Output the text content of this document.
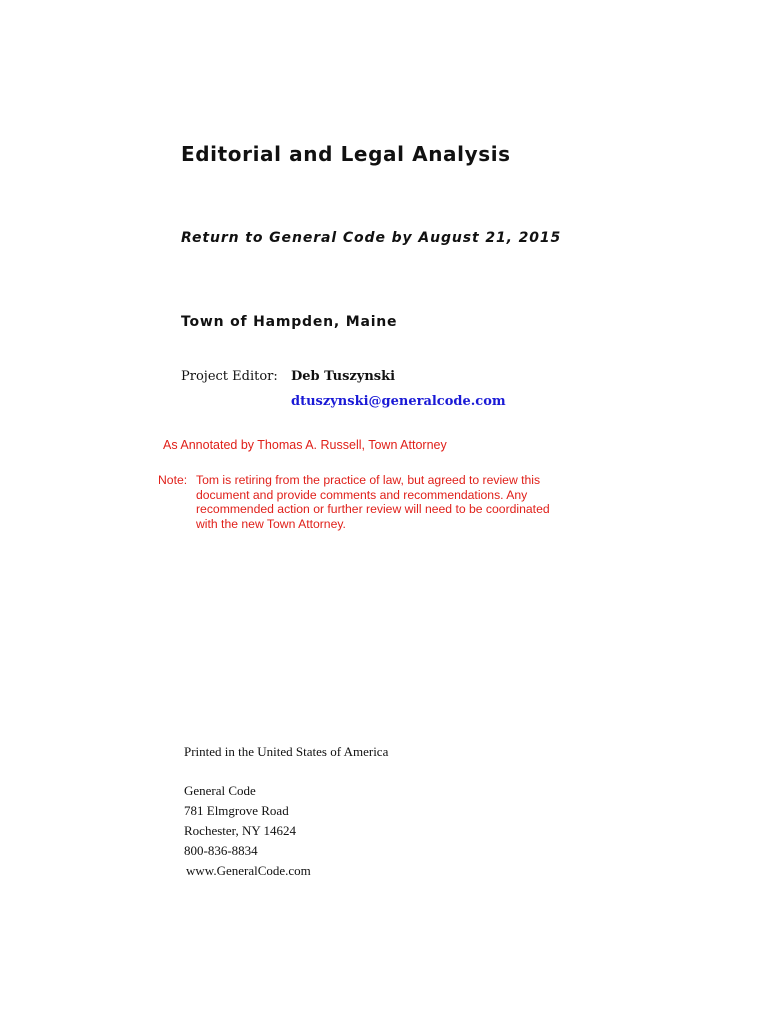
Editorial and Legal Analysis
Return to General Code by August 21, 2015
Town of Hampden, Maine
Project Editor: Deb Tuszynski
dtuszynski@generalcode.com
As Annotated by Thomas A. Russell, Town Attorney
Note: Tom is retiring from the practice of law, but agreed to review this
document and provide comments and recommendations. Any
recommended action or further review will need to be coordinated
with the new Town Attorney.
Printed in the United States of America
General Code
781 Elmgrove Road
Rochester, NY 14624
800-836-8834
www.GeneralCode.com
